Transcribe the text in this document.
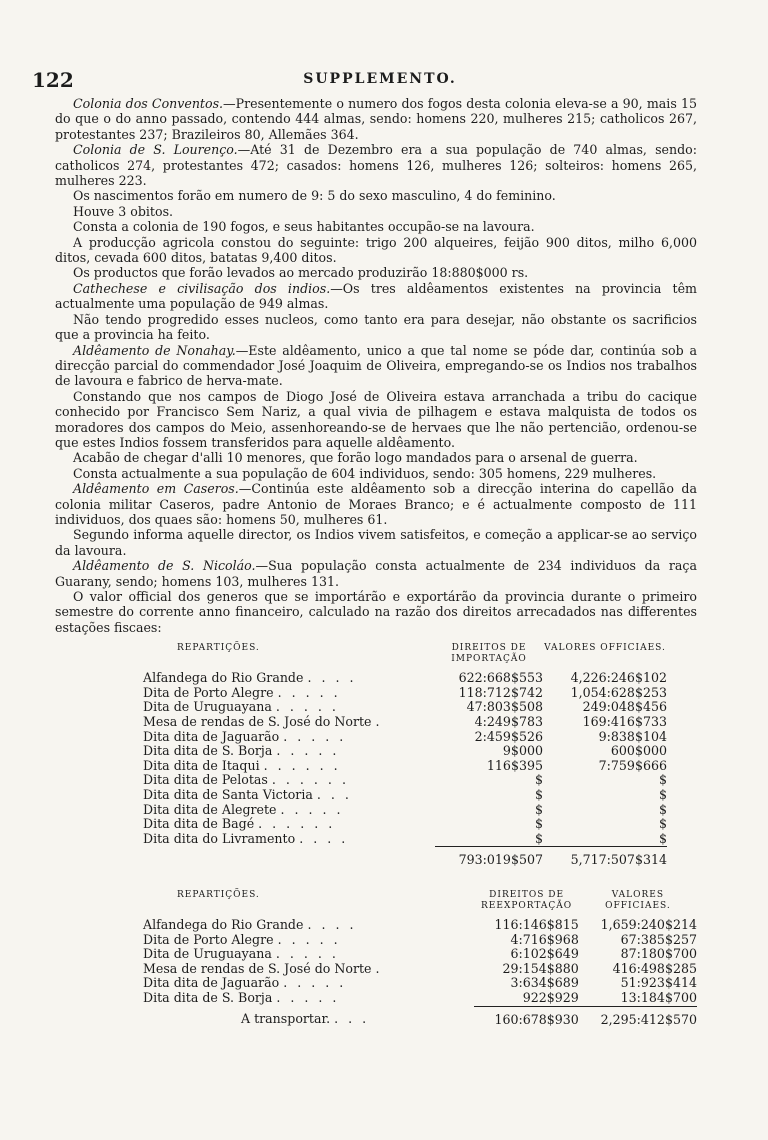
122	SUPPLEMENTO.

Colonia dos Conventos.—Presentemente o numero dos fogos desta colonia eleva-se a 90, mais 15 do que o do anno passado, contendo 444 almas, sendo: homens 220, mulheres 215; catholicos 267, protestantes 237; Brazileiros 80, Allemães 364.

Colonia de S. Lourenço.—Até 31 de Dezembro era a sua população de 740 almas, sendo: catholicos 274, protestantes 472; casados: homens 126, mulheres 126; solteiros: homens 265, mulheres 223.

Os nascimentos forão em numero de 9: 5 do sexo masculino, 4 do feminino.

Houve 3 obitos.

Consta a colonia de 190 fogos, e seus habitantes occupão-se na lavoura.

A producção agricola constou do seguinte: trigo 200 alqueires, feijão 900 ditos, milho 6,000 ditos, cevada 600 ditos, batatas 9,400 ditos.

Os productos que forão levados ao mercado produzirão 18:880$000 rs.

Cathechese e civilisação dos indios.—Os tres aldêamentos existentes na provincia têm actualmente uma população de 949 almas.

Não tendo progredido esses nucleos, como tanto era para desejar, não obstante os sacrificios que a provincia ha feito.

Aldêamento de Nonahay.—Este aldêamento, unico a que tal nome se póde dar, continúa sob a direcção parcial do commendador José Joaquim de Oliveira, empregando-se os Indios nos trabalhos de lavoura e fabrico de herva-mate.

Constando que nos campos de Diogo José de Oliveira estava arranchada a tribu do cacique conhecido por Francisco Sem Nariz, a qual vivia de pilhagem e estava malquista de todos os moradores dos campos do Meio, assenhoreando-se de hervaes que lhe não pertencião, ordenou-se que estes Indios fossem transferidos para aquelle aldêamento.

Acabão de chegar d'alli 10 menores, que forão logo mandados para o arsenal de guerra.

Consta actualmente a sua população de 604 individuos, sendo: 305 homens, 229 mulheres.

Aldêamento em Caseros.—Continúa este aldêamento sob a direcção interina do capellão da colonia militar Caseros, padre Antonio de Moraes Branco; e é actualmente composto de 111 individuos, dos quaes são: homens 50, mulheres 61.

Segundo informa aquelle director, os Indios vivem satisfeitos, e começão a applicar-se ao serviço da lavoura.

Aldêamento de S. Nicoláo.—Sua população consta actualmente de 234 individuos da raça Guarany, sendo; homens 103, mulheres 131.

O valor official dos generos que se importárão e exportárão da provincia durante o primeiro semestre do corrente anno financeiro, calculado na razão dos direitos arrecadados nas differentes estações fiscaes:

REPARTIÇÕES.	DIREITOS DE IMPORTAÇÃO	VALORES OFFICIAES.
Alfandega do Rio Grande . . . .	622:668$553	4,226:246$102
Dita de Porto Alegre . . . . .	118:712$742	1,054:628$253
Dita de Uruguayana . . . . .	47:803$508	249:048$456
Mesa de rendas de S. José do Norte .	4:249$783	169:416$733
Dita dita de Jaguarão . . . . .	2:459$526	9:838$104
Dita dita de S. Borja . . . . .	9$000	600$000
Dita dita de Itaqui . . . . . .	116$395	7:759$666
Dita dita de Pelotas . . . . . .	$	$
Dita dita de Santa Victoria . . .	$	$
Dita dita de Alegrete . . . . .	$	$
Dita dita de Bagé . . . . . .	$	$
Dita dita do Livramento . . . .	$	$
	793:019$507	5,717:507$314

REPARTIÇÕES.	DIREITOS DE REEXPORTAÇÃO	VALORES OFFICIAES.
Alfandega do Rio Grande . . . .	116:146$815	1,659:240$214
Dita de Porto Alegre . . . . .	4:716$968	67:385$257
Dita de Uruguayana . . . . .	6:102$649	87:180$700
Mesa de rendas de S. José do Norte .	29:154$880	416:498$285
Dita dita de Jaguarão . . . . .	3:634$689	51:923$414
Dita dita de S. Borja . . . . .	922$929	13:184$700
A transportar. . . .	160:678$930	2,295:412$570
